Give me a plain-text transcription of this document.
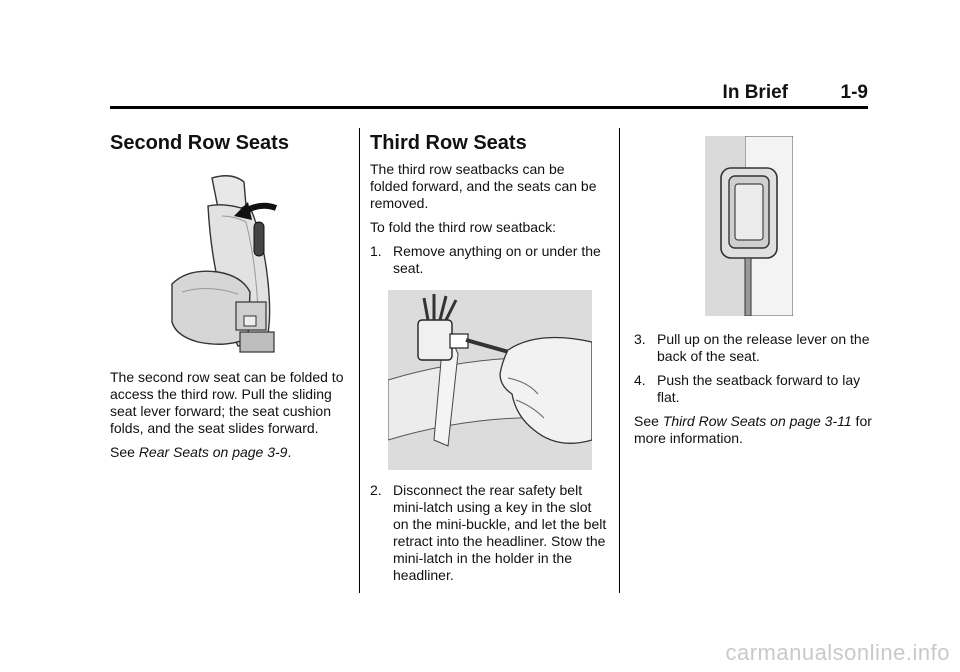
In Brief	1-9
Second Row Seats

The second row seat can be folded to access the third row. Pull the sliding seat lever forward; the seat cushion folds, and the seat slides forward.

See Rear Seats on page 3-9.

Third Row Seats

The third row seatbacks can be folded forward, and the seats can be removed.

To fold the third row seatback:

1. Remove anything on or under the seat.
2. Disconnect the rear safety belt mini-latch using a key in the slot on the mini-buckle, and let the belt retract into the headliner. Stow the mini-latch in the holder in the headliner.
3. Pull up on the release lever on the back of the seat.
4. Push the seatback forward to lay flat.

See Third Row Seats on page 3-11 for more information.

carmanualsonline.info
